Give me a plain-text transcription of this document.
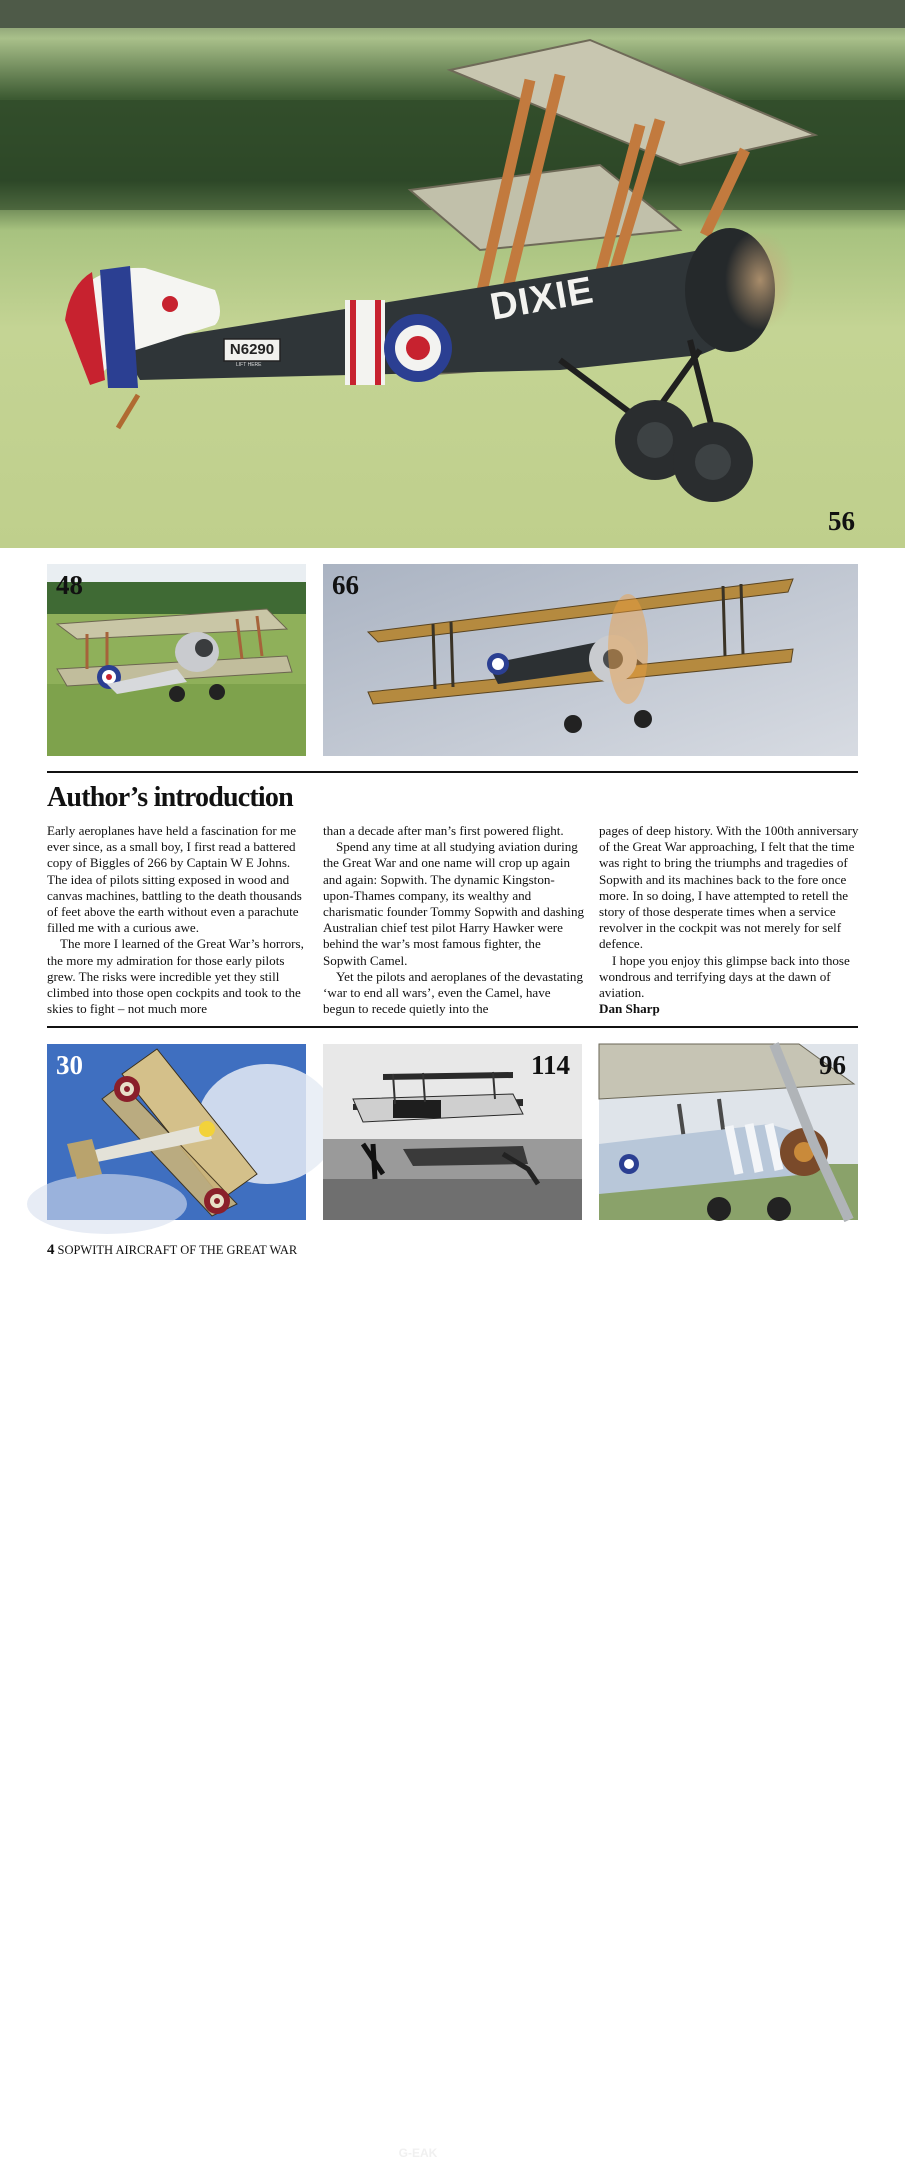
N6290
LIFT HERE
DIXIE
56
48	66
Author’s introduction

Early aeroplanes have held a fascination for me ever since, as a small boy, I first read a battered copy of Biggles of 266 by Captain W E Johns. The idea of pilots sitting exposed in wood and canvas machines, battling to the death thousands of feet above the earth without even a parachute filled me with a curious awe.

The more I learned of the Great War’s horrors, the more my admiration for those early pilots grew. The risks were incredible yet they still climbed into those open cockpits and took to the skies to fight – not much more

than a decade after man’s first powered flight.

Spend any time at all studying aviation during the Great War and one name will crop up again and again: Sopwith. The dynamic Kingston-upon-Thames company, its wealthy and charismatic founder Tommy Sopwith and dashing Australian chief test pilot Harry Hawker were behind the war’s most famous fighter, the Sopwith Camel.

Yet the pilots and aeroplanes of the devastating ‘war to end all wars’, even the Camel, have begun to recede quietly into the

pages of deep history. With the 100th anniversary of the Great War approaching, I felt that the time was right to bring the triumphs and tragedies of Sopwith and its machines back to the fore once more. In so doing, I have attempted to retell the story of those desperate times when a service revolver in the cockpit was not merely for self defence.

I hope you enjoy this glimpse back into those wondrous and terrifying days at the dawn of aviation.

Dan Sharp

30
G-EAK
114	96
4 SOPWITH AIRCRAFT OF THE GREAT WAR
